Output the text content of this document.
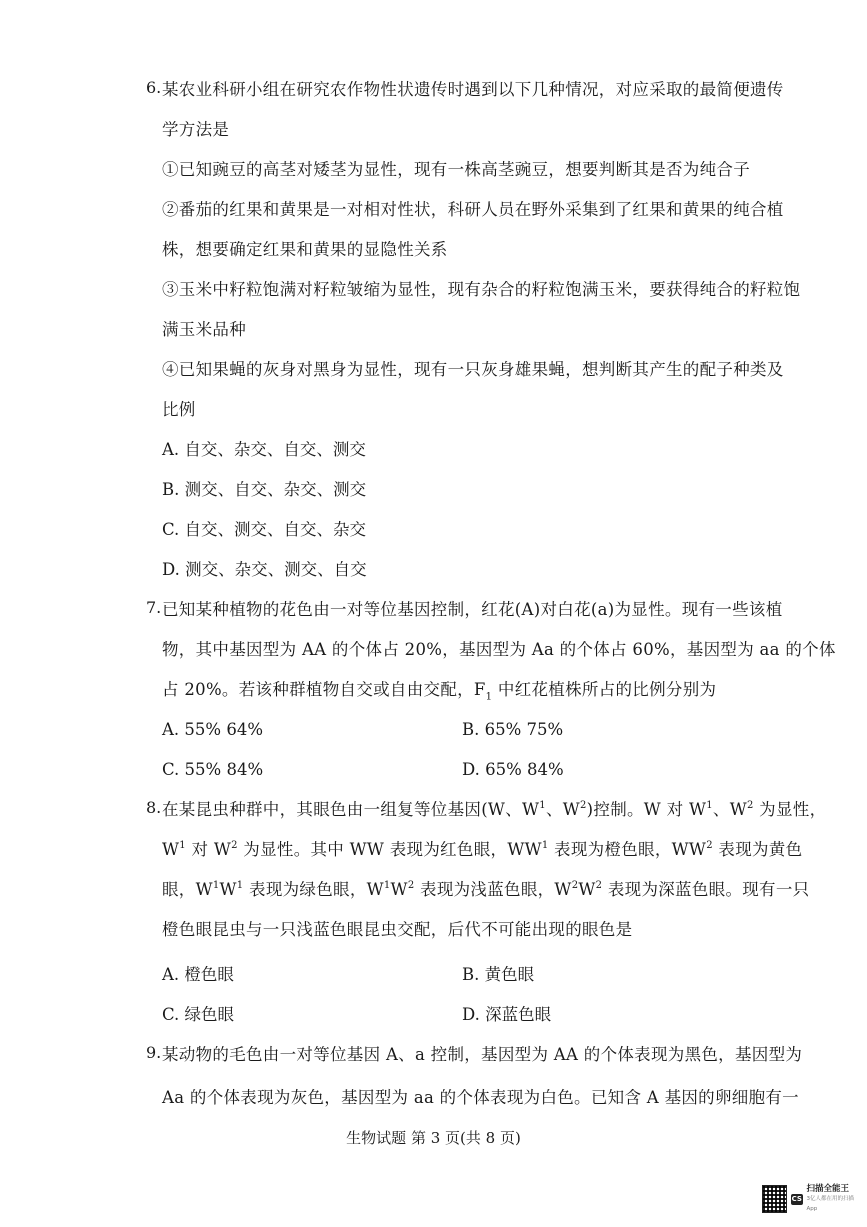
6. 某农业科研小组在研究农作物性状遗传时遇到以下几种情况，对应采取的最简便遗传
学方法是
①已知豌豆的高茎对矮茎为显性，现有一株高茎豌豆，想要判断其是否为纯合子
②番茄的红果和黄果是一对相对性状，科研人员在野外采集到了红果和黄果的纯合植
株，想要确定红果和黄果的显隐性关系
③玉米中籽粒饱满对籽粒皱缩为显性，现有杂合的籽粒饱满玉米，要获得纯合的籽粒饱
满玉米品种
④已知果蝇的灰身对黑身为显性，现有一只灰身雄果蝇，想判断其产生的配子种类及
比例
A. 自交、杂交、自交、测交
B. 测交、自交、杂交、测交
C. 自交、测交、自交、杂交
D. 测交、杂交、测交、自交
7. 已知某种植物的花色由一对等位基因控制，红花(A)对白花(a)为显性。现有一些该植
物，其中基因型为 AA 的个体占 20%，基因型为 Aa 的个体占 60%，基因型为 aa 的个体
占 20%。若该种群植物自交或自由交配，$F_1$ 中红花植株所占的比例分别为
A. 55% 64%	B. 65% 75%
C. 55% 84%	D. 65% 84%
8. 在某昆虫种群中，其眼色由一组复等位基因(W、$W^1$、$W^2$)控制。W 对 $W^1$、$W^2$ 为显性，
$W^1$ 对 $W^2$ 为显性。其中 WW 表现为红色眼，$WW^1$ 表现为橙色眼，$WW^2$ 表现为黄色
眼，$W^1W^1$ 表现为绿色眼，$W^1W^2$ 表现为浅蓝色眼，$W^2W^2$ 表现为深蓝色眼。现有一只
橙色眼昆虫与一只浅蓝色眼昆虫交配，后代不可能出现的眼色是
A. 橙色眼	B. 黄色眼
C. 绿色眼	D. 深蓝色眼
9. 某动物的毛色由一对等位基因 A、a 控制，基因型为 AA 的个体表现为黑色，基因型为
Aa 的个体表现为灰色，基因型为 aa 的个体表现为白色。已知含 A 基因的卵细胞有一
生物试题 第 3 页(共 8 页)
CS
扫描全能王
3亿人都在用的扫描App
